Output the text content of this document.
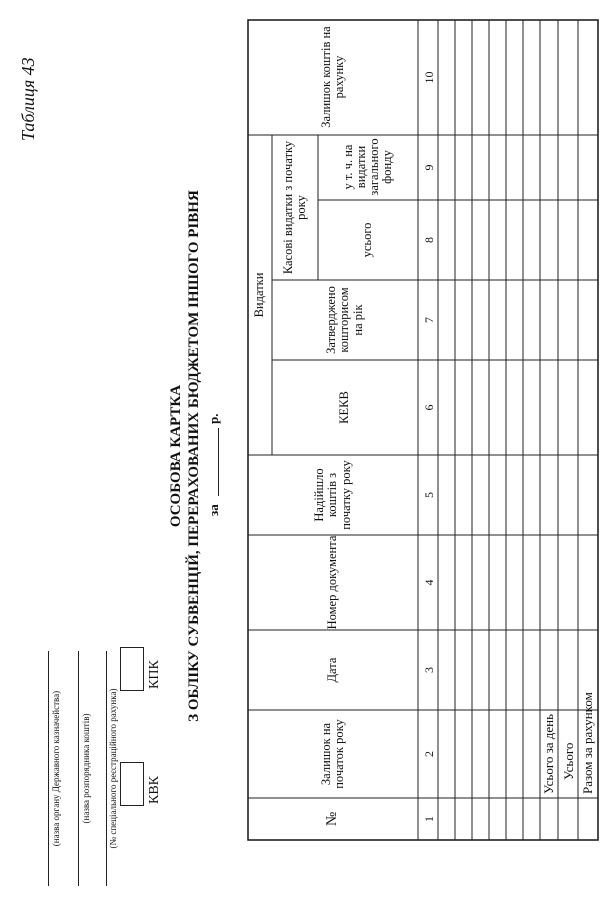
Таблиця 43
(назва органу Державного казначейства) (назва розпорядника коштів) (№ спеціального реєстраційного рахунка) КВК
КПК
ОСОБОВА КАРТКА З ОБЛІКУ СУБВЕНЦІЙ, ПЕРЕРАХОВАНИХ БЮДЖЕТОМ ІНШОГО РІВНЯ за
р.
№
Залишок на початок року
Дата
Номер документа
Надійшло коштів з початку року
Видатки
КЕКВ
Затверджено кошторисом на рік
Касові видатки з початку року
усього
у т. ч. на видатки загального фонду
Залишок коштів на рахунку
1
2
3
4
5
6
7
8
9
10
Усього за день Усього Разом за рахунком
